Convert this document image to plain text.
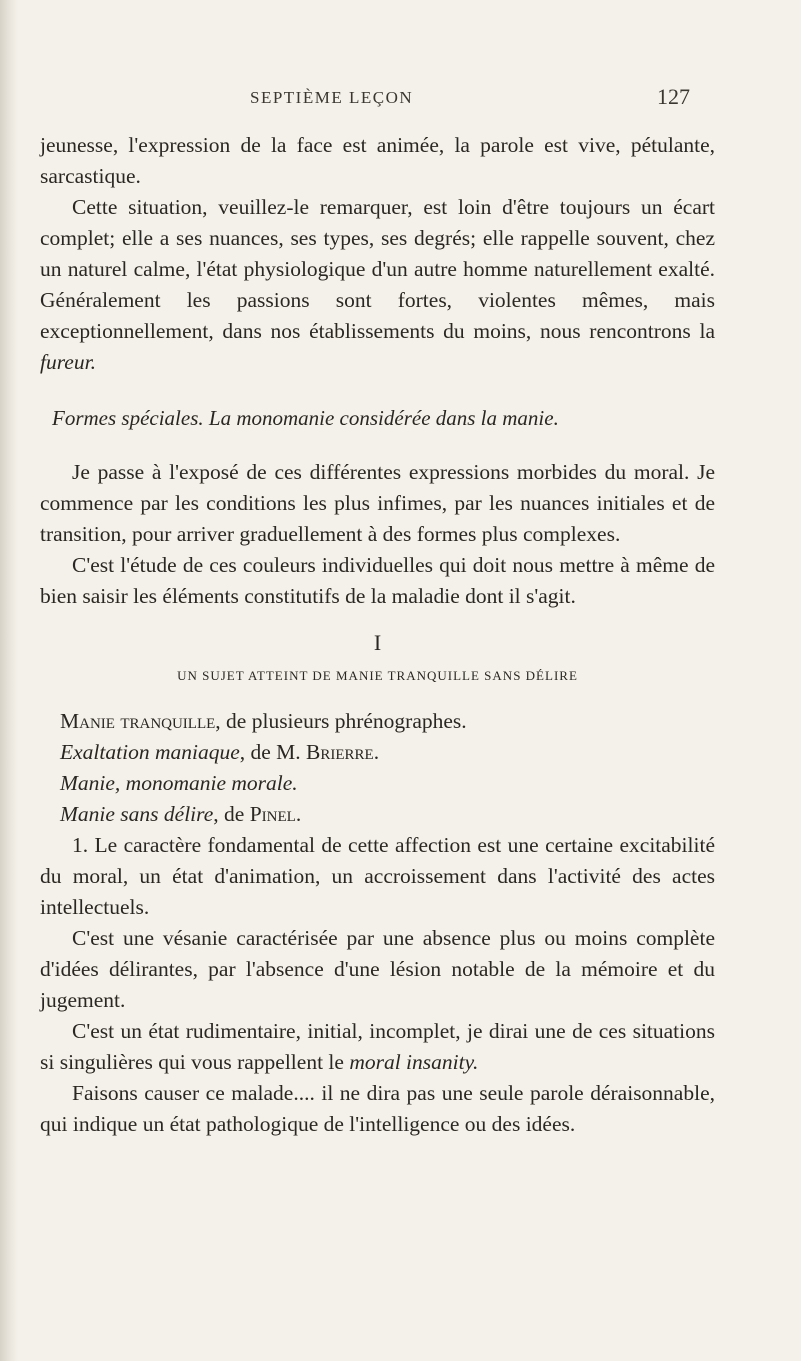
SEPTIÈME LEÇON	127

jeunesse, l'expression de la face est animée, la parole est vive, pétulante, sarcastique.

Cette situation, veuillez-le remarquer, est loin d'être toujours un écart complet; elle a ses nuances, ses types, ses degrés; elle rappelle souvent, chez un naturel calme, l'état physiologique d'un autre homme naturellement exalté. Généralement les passions sont fortes, violentes mêmes, mais exceptionnellement, dans nos établissements du moins, nous rencontrons la fureur.

Formes spéciales. La monomanie considérée dans la manie.

Je passe à l'exposé de ces différentes expressions morbides du moral. Je commence par les conditions les plus infimes, par les nuances initiales et de transition, pour arriver graduellement à des formes plus complexes.

C'est l'étude de ces couleurs individuelles qui doit nous mettre à même de bien saisir les éléments constitutifs de la maladie dont il s'agit.

I
UN SUJET ATTEINT DE MANIE TRANQUILLE SANS DÉLIRE

Manie tranquille, de plusieurs phrénographes.

Exaltation maniaque, de M. Brierre.

Manie, monomanie morale.

Manie sans délire, de Pinel.

1. Le caractère fondamental de cette affection est une certaine excitabilité du moral, un état d'animation, un accroissement dans l'activité des actes intellectuels.

C'est une vésanie caractérisée par une absence plus ou moins complète d'idées délirantes, par l'absence d'une lésion notable de la mémoire et du jugement.

C'est un état rudimentaire, initial, incomplet, je dirai une de ces situations si singulières qui vous rappellent le moral insanity.

Faisons causer ce malade.... il ne dira pas une seule parole déraisonnable, qui indique un état pathologique de l'intelligence ou des idées.
